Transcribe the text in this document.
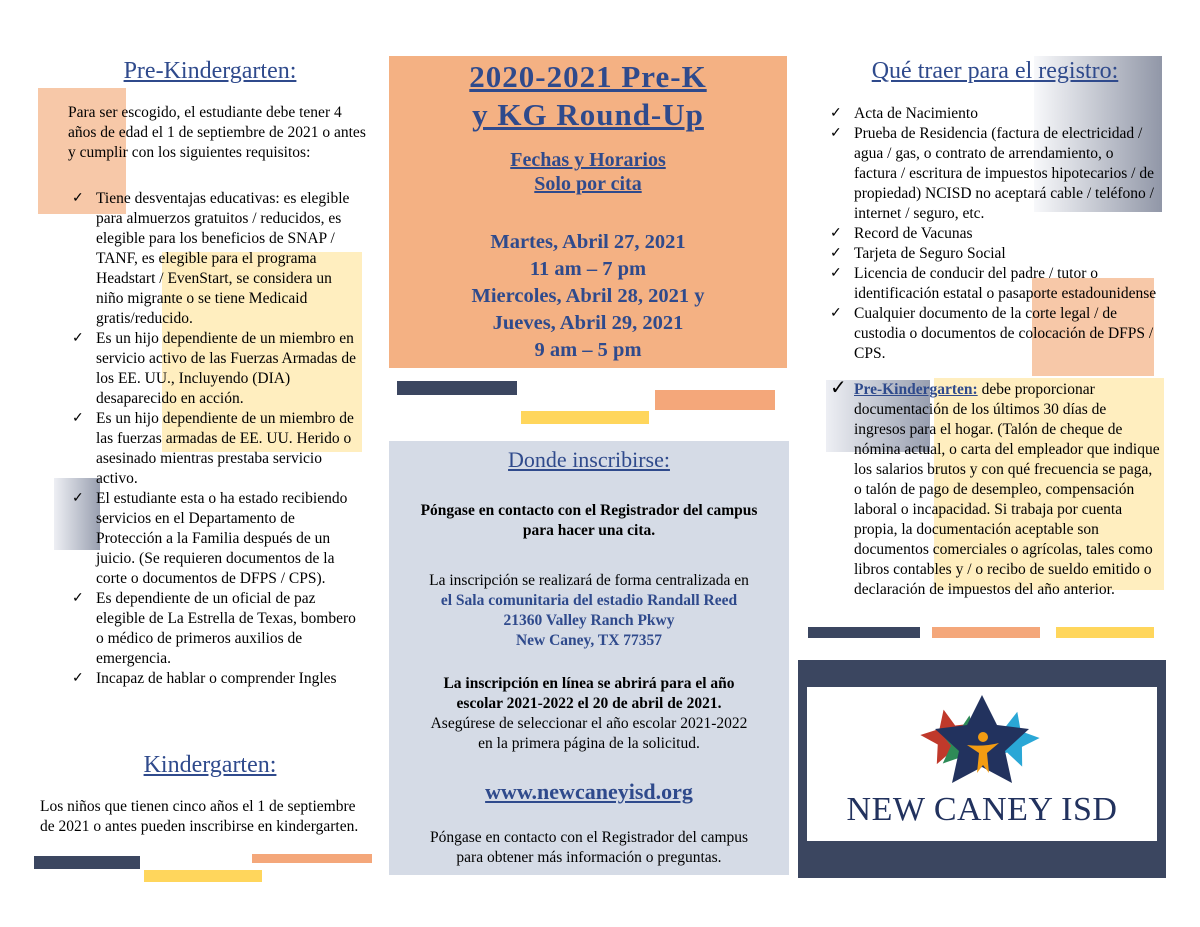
Pre-Kindergarten:
Para ser escogido, el estudiante debe tener 4 años de edad el 1 de septiembre de 2021 o antes y cumplir con los siguientes requisitos:
✓ Tiene desventajas educativas: es elegible para almuerzos gratuitos / reducidos, es elegible para los beneficios de SNAP / TANF, es elegible para el programa Headstart / EvenStart, se considera un niño migrante o se tiene Medicaid gratis/reducido.
✓ Es un hijo dependiente de un miembro en servicio activo de las Fuerzas Armadas de los EE. UU., Incluyendo (DIA) desaparecido en acción.
✓ Es un hijo dependiente de un miembro de las fuerzas armadas de EE. UU. Herido o asesinado mientras prestaba servicio activo.
✓ El estudiante esta o ha estado recibiendo servicios en el Departamento de Protección a la Familia después de un juicio. (Se requieren documentos de la corte o documentos de DFPS / CPS).
✓ Es dependiente de un oficial de paz elegible de La Estrella de Texas, bombero o médico de primeros auxilios de emergencia.
✓ Incapaz de hablar o comprender Ingles
Kindergarten:
Los niños que tienen cinco años el 1 de septiembre de 2021 o antes pueden inscribirse en kindergarten.
2020-2021 Pre-K
y KG Round-Up
Fechas y Horarios
Solo por cita
Martes, Abril 27, 2021
11 am – 7 pm
Miercoles, Abril 28, 2021 y
Jueves, Abril 29, 2021
9 am – 5 pm
Donde inscribirse:
Póngase en contacto con el Registrador del campus
para hacer una cita.
La inscripción se realizará de forma centralizada en
el Sala comunitaria del estadio Randall Reed
21360 Valley Ranch Pkwy
New Caney, TX 77357
La inscripción en línea se abrirá para el año
escolar 2021-2022 el 20 de abril de 2021.
Asegúrese de seleccionar el año escolar 2021-2022
en la primera página de la solicitud.
www.newcaneyisd.org
Póngase en contacto con el Registrador del campus
para obtener más información o preguntas.
Qué traer para el registro:
✓ Acta de Nacimiento
✓ Prueba de Residencia (factura de electricidad / agua / gas, o contrato de arrendamiento, o factura / escritura de impuestos hipotecarios / de propiedad) NCISD no aceptará cable / teléfono / internet / seguro, etc.
✓ Record de Vacunas
✓ Tarjeta de Seguro Social
✓ Licencia de conducir del padre / tutor o identificación estatal o pasaporte estadounidense
✓ Cualquier documento de la corte legal / de custodia o documentos de colocación de DFPS / CPS.
✓ Pre-Kindergarten: debe proporcionar documentación de los últimos 30 días de ingresos para el hogar. (Talón de cheque de nómina actual, o carta del empleador que indique los salarios brutos y con qué frecuencia se paga, o talón de pago de desempleo, compensación laboral o incapacidad. Si trabaja por cuenta propia, la documentación aceptable son documentos comerciales o agrícolas, tales como libros contables y / o recibo de sueldo emitido o declaración de impuestos del año anterior.
NEW CANEY ISD
